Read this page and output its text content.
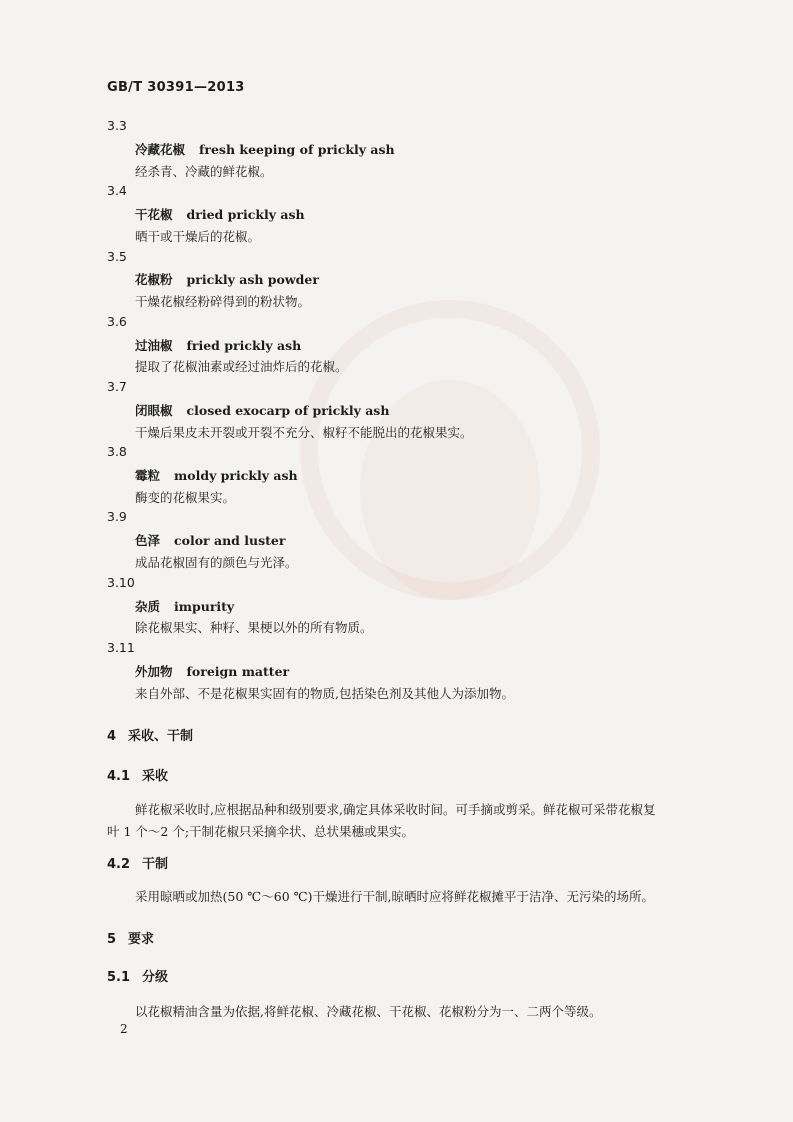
GB/T 30391—2013
3.3
冷藏花椒 fresh keeping of prickly ash
经杀青、冷藏的鲜花椒。
3.4
干花椒 dried prickly ash
晒干或干燥后的花椒。
3.5
花椒粉 prickly ash powder
干燥花椒经粉碎得到的粉状物。
3.6
过油椒 fried prickly ash
提取了花椒油素或经过油炸后的花椒。
3.7
闭眼椒 closed exocarp of prickly ash
干燥后果皮未开裂或开裂不充分、椒籽不能脱出的花椒果实。
3.8
霉粒 moldy prickly ash
酶变的花椒果实。
3.9
色泽 color and luster
成品花椒固有的颜色与光泽。
3.10
杂质 impurity
除花椒果实、种籽、果梗以外的所有物质。
3.11
外加物 foreign matter
来自外部、不是花椒果实固有的物质,包括染色剂及其他人为添加物。
4 采收、干制
4.1 采收
鲜花椒采收时,应根据品种和级别要求,确定具体采收时间。可手摘或剪采。鲜花椒可采带花椒复
叶 1 个～2 个;干制花椒只采摘伞状、总状果穗或果实。
4.2 干制
采用晾晒或加热(50 ℃～60 ℃)干燥进行干制,晾晒时应将鲜花椒摊平于洁净、无污染的场所。
5 要求
5.1 分级
以花椒精油含量为依据,将鲜花椒、冷藏花椒、干花椒、花椒粉分为一、二两个等级。
2
